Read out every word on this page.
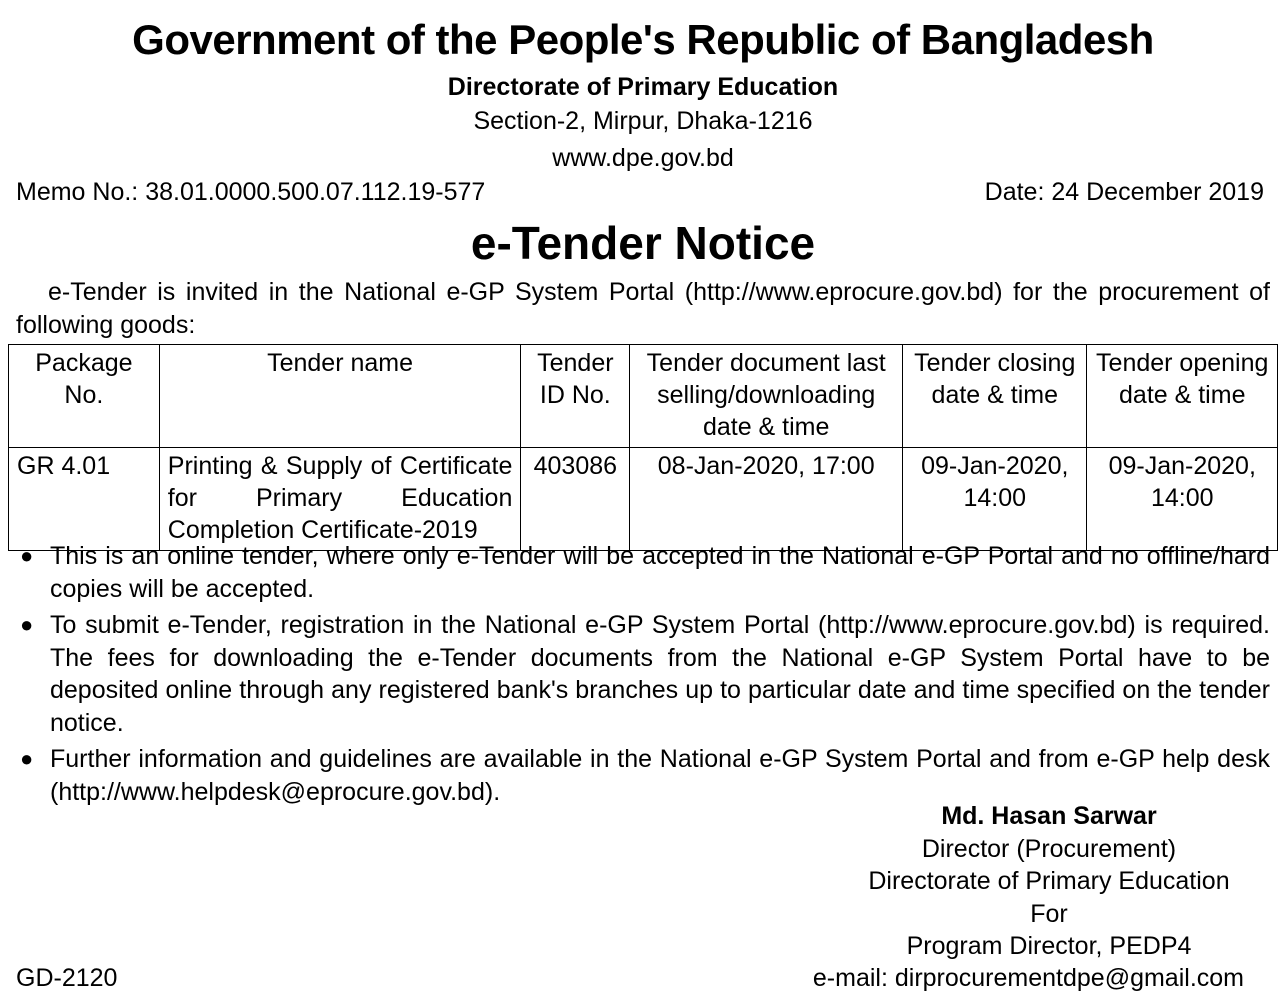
Government of the People's Republic of Bangladesh
Directorate of Primary Education
Section-2, Mirpur, Dhaka-1216
www.dpe.gov.bd
Memo No.: 38.01.0000.500.07.112.19-577	Date: 24 December 2019
e-Tender Notice
e-Tender is invited in the National e-GP System Portal (http://www.eprocure.gov.bd) for the procurement of following goods:
Package No.	Tender name	Tender ID No.	Tender document last selling/downloading date & time	Tender closing date & time	Tender opening date & time
GR 4.01	Printing & Supply of Certificate for Primary Education Completion Certificate-2019	403086	08-Jan-2020, 17:00	09-Jan-2020, 14:00	09-Jan-2020, 14:00
● This is an online tender, where only e-Tender will be accepted in the National e-GP Portal and no offline/hard copies will be accepted.
● To submit e-Tender, registration in the National e-GP System Portal (http://www.eprocure.gov.bd) is required. The fees for downloading the e-Tender documents from the National e-GP System Portal have to be deposited online through any registered bank's branches up to particular date and time specified on the tender notice.
● Further information and guidelines are available in the National e-GP System Portal and from e-GP help desk (http://www.helpdesk@eprocure.gov.bd).
Md. Hasan Sarwar
Director (Procurement)
Directorate of Primary Education
For
Program Director, PEDP4
GD-2120	e-mail: dirprocurementdpe@gmail.com
